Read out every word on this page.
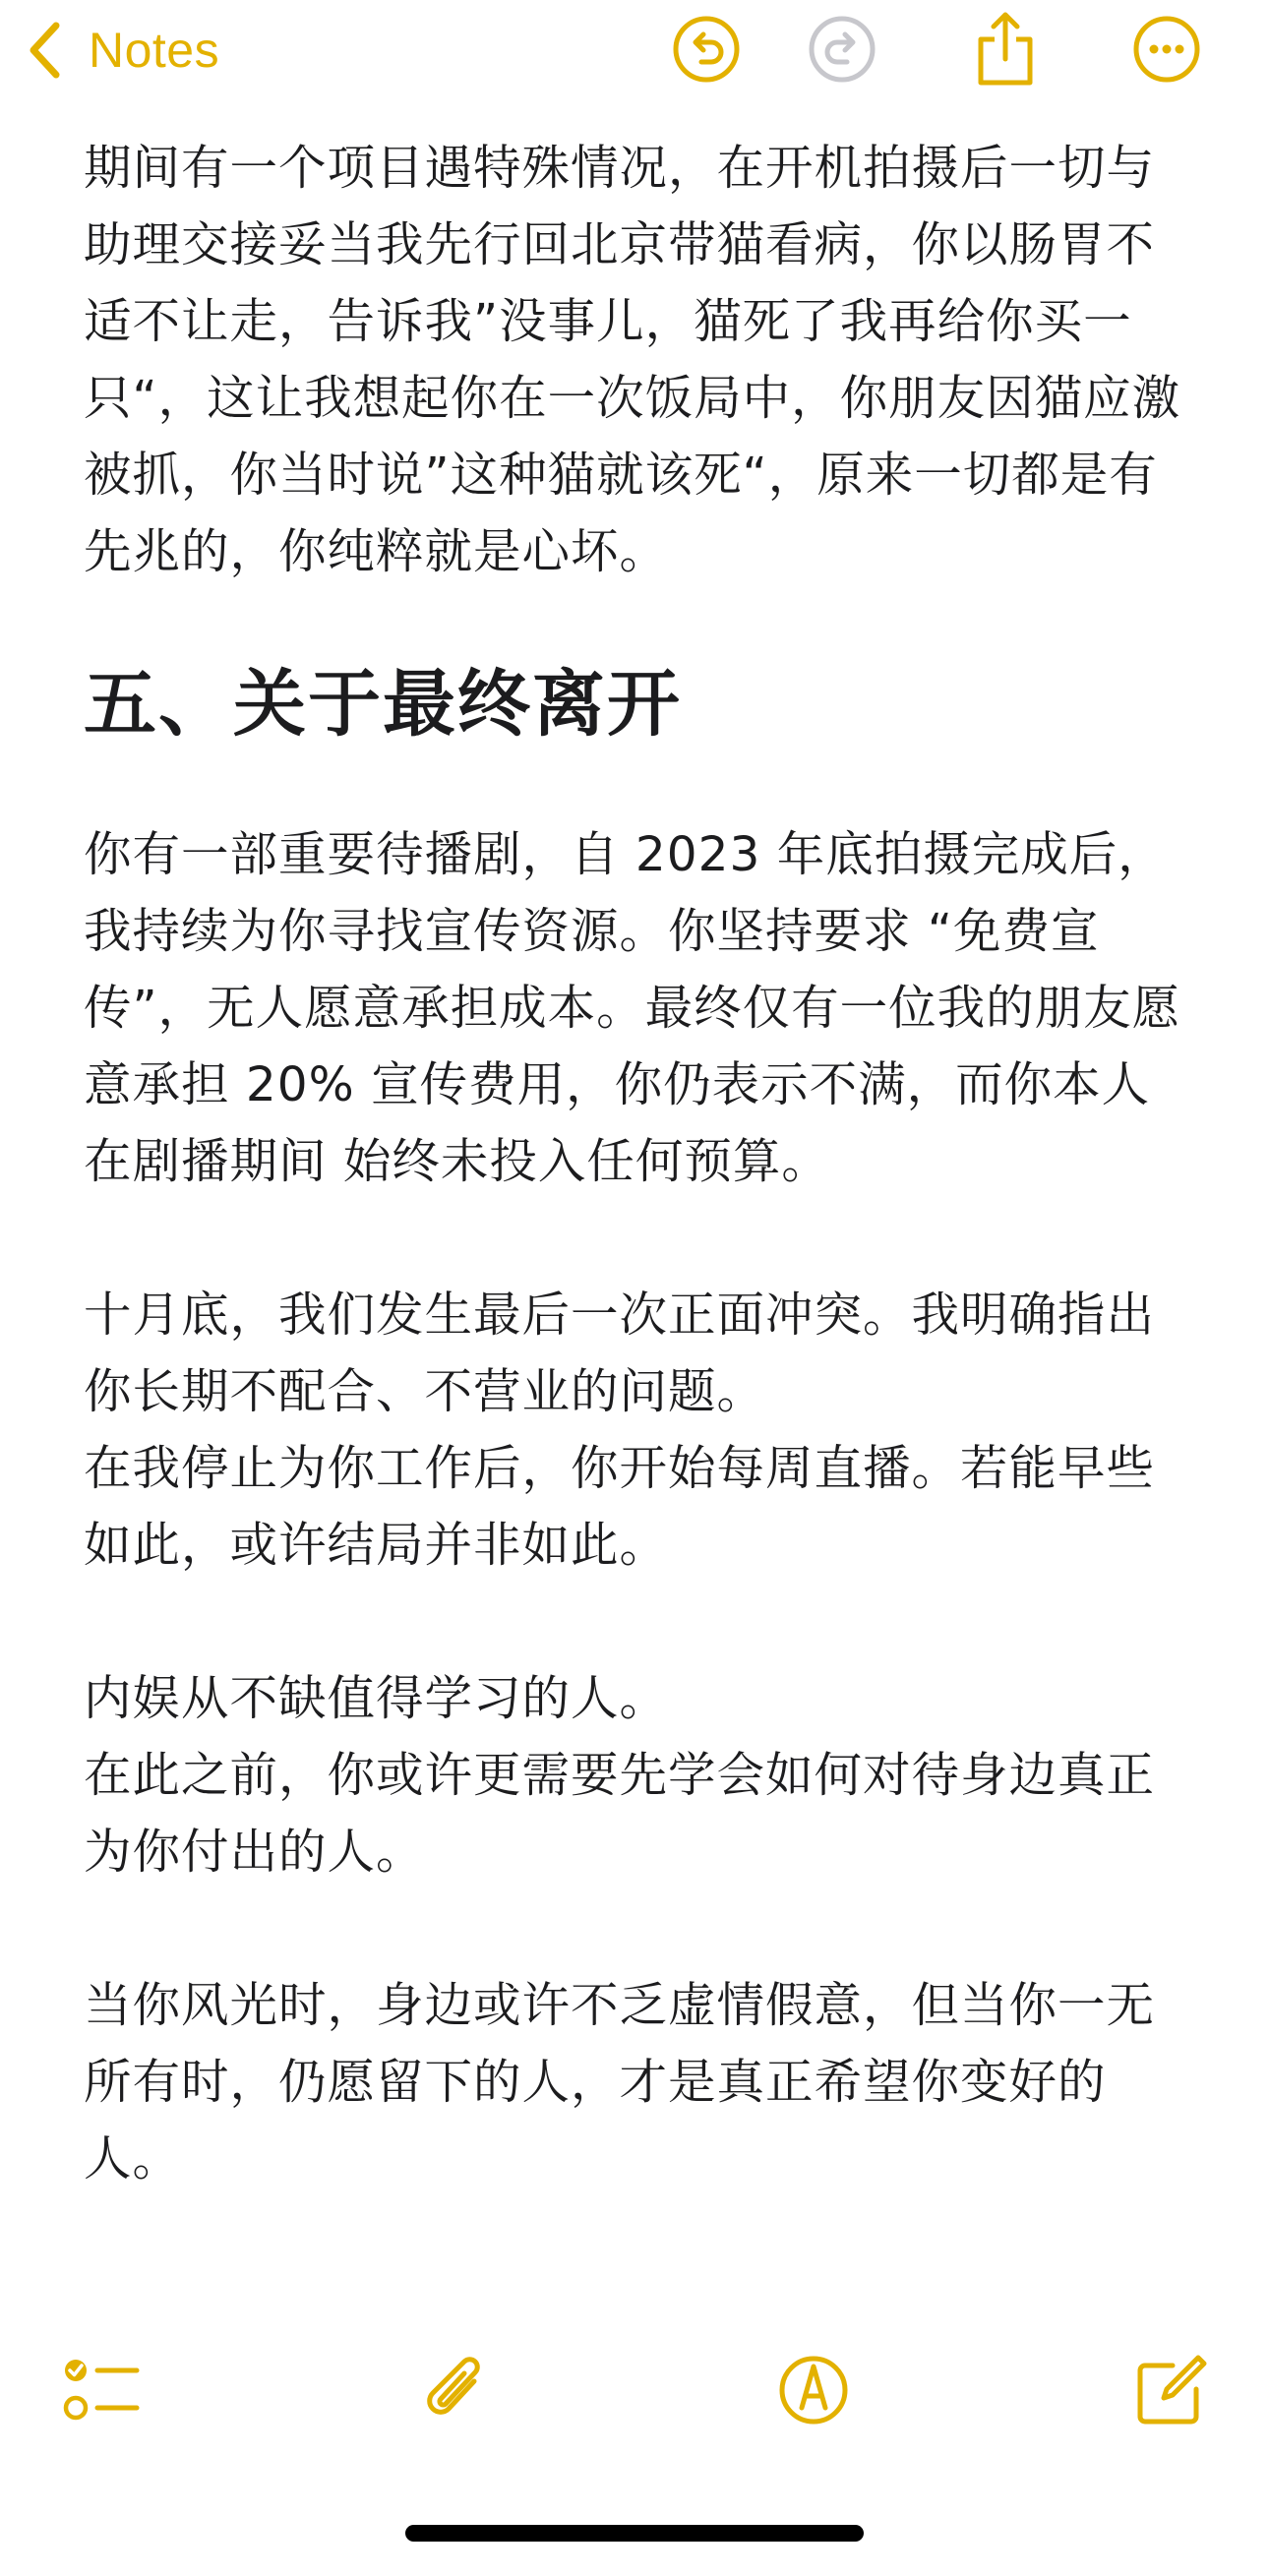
Notes

期间有一个项目遇特殊情况，在开机拍摄后一切与助理交接妥当我先行回北京带猫看病，你以肠胃不适不让走，告诉我”没事儿，猫死了我再给你买一只“，这让我想起你在一次饭局中，你朋友因猫应激被抓，你当时说”这种猫就该死“，原来一切都是有先兆的，你纯粹就是心坏。

五、关于最终离开

你有一部重要待播剧，自 2023 年底拍摄完成后，我持续为你寻找宣传资源。你坚持要求 “免费宣传”，无人愿意承担成本。最终仅有一位我的朋友愿意承担 20% 宣传费用，你仍表示不满，而你本人在剧播期间 始终未投入任何预算。

十月底，我们发生最后一次正面冲突。我明确指出你长期不配合、不营业的问题。

在我停止为你工作后，你开始每周直播。若能早些如此，或许结局并非如此。

内娱从不缺值得学习的人。

在此之前，你或许更需要先学会如何对待身边真正为你付出的人。

当你风光时，身边或许不乏虚情假意，但当你一无所有时，仍愿留下的人，才是真正希望你变好的人。
